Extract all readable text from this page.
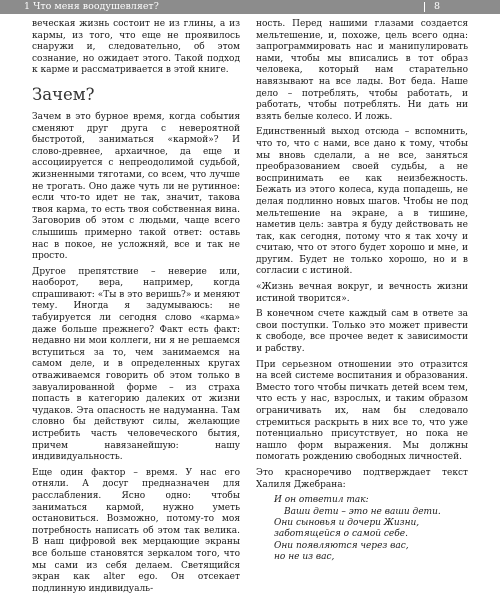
1 Что меня воодушевляет?	8

вечеcкая жизнь состоит не из глины, а из кармы, из того, что еще не проявилось снаружи и, следовательно, об этом сознание, но ожидает этого. Такой подход к карме и рассматривается в этой книге.

Зачем?

Зачем в это бурное время, когда события сменяют друг друга с невероятной быстротой, заниматься «кармой»? И слово-древнее, архаичное, да еще и ассоциируется с непреодолимой судьбой, жизненными тяготами, со всем, что лучше не трогать. Оно даже чуть ли не рутинное: если что-то идет не так, значит, такова твоя карма, то есть твоя собственная вина. Заговорив об этом с людьми, чаще всего слышишь примерно такой ответ: оставь нас в покое, не усложняй, все и так не просто.

Другое препятствие – неверие или, наоборот, вера, например, когда спрашивают: «Ты в это веришь?» и меняют тему. Иногда я задумываюсь: не табуируется ли сегодня слово «карма» даже больше прежнего? Факт есть факт: недавно ни мои коллеги, ни я не решаемся вступиться за то, чем занимаемся на самом деле, и в определенных кругах отваживаемся говорить об этом только в завуалированной форме – из страха попасть в категорию далеких от жизни чудаков. Эта опасность не надуманна. Там словно бы действуют силы, желающие истребить часть человеческого бытия, причем навязанейшую: нашу индивидуальность.

Еще один фактор – время. У нас его отняли. А досуг предназначен для расслабления. Ясно одно: чтобы заниматься кармой, нужно уметь остановиться. Возможно, потому-то моя потребность написать об этом так велика. В наш цифровой век мерцающие экраны все больше становятся зеркалом того, что мы сами из себя делаем. Светящийся экран как alter ego. Он отсекает подлинную индивидуаль-

ность. Перед нашими глазами создается мельтешение, и, похоже, цель всего одна: запрограммировать нас и манипулировать нами, чтобы мы вписались в тот образ человека, который нам старательно навязывают на все лады. Вот беда. Наше дело – потреблять, чтобы работать, и работать, чтобы потреблять. Ни дать ни взять белые колесо. И ложь.

Единственный выход отсюда – вспомнить, что то, что с нами, все дано к тому, чтобы мы вновь сделали, а не все, заняться преобразованием своей судьбы, а не воспринимать ее как неизбежность. Бежать из этого колеса, куда попадешь, не делая подлинно новых шагов. Чтобы не под мельтешение на экране, а в тишине, наметив цель: завтра я буду действовать не так, как сегодня, потому что я так хочу и считаю, что от этого будет хорошо и мне, и другим. Будет не только хорошо, но и в согласии с истиной.

«Жизнь вечная вокруг, и вечность жизни истиной творится».

В конечном счете каждый сам в ответе за свои поступки. Только это может привести к свободе, все прочее ведет к зависимости и рабству.

При серьезном отношении это отразится на всей системе воспитания и образования. Вместо того чтобы пичкать детей всем тем, что есть у нас, взрослых, и таким образом ограничивать их, нам бы следовало стремиться раскрыть в них все то, что уже потенциально присутствует, но пока не нашло форм выражения. Мы должны помогать рождению свободных личностей.

Это красноречиво подтверждает текст Халиля Джебрана:

И он ответил так:
Ваши дети – это не ваши дети.
Они сыновья и дочери Жизни,
заботящейся о самой себе.
Они появляются через вас,
но не из вас,
